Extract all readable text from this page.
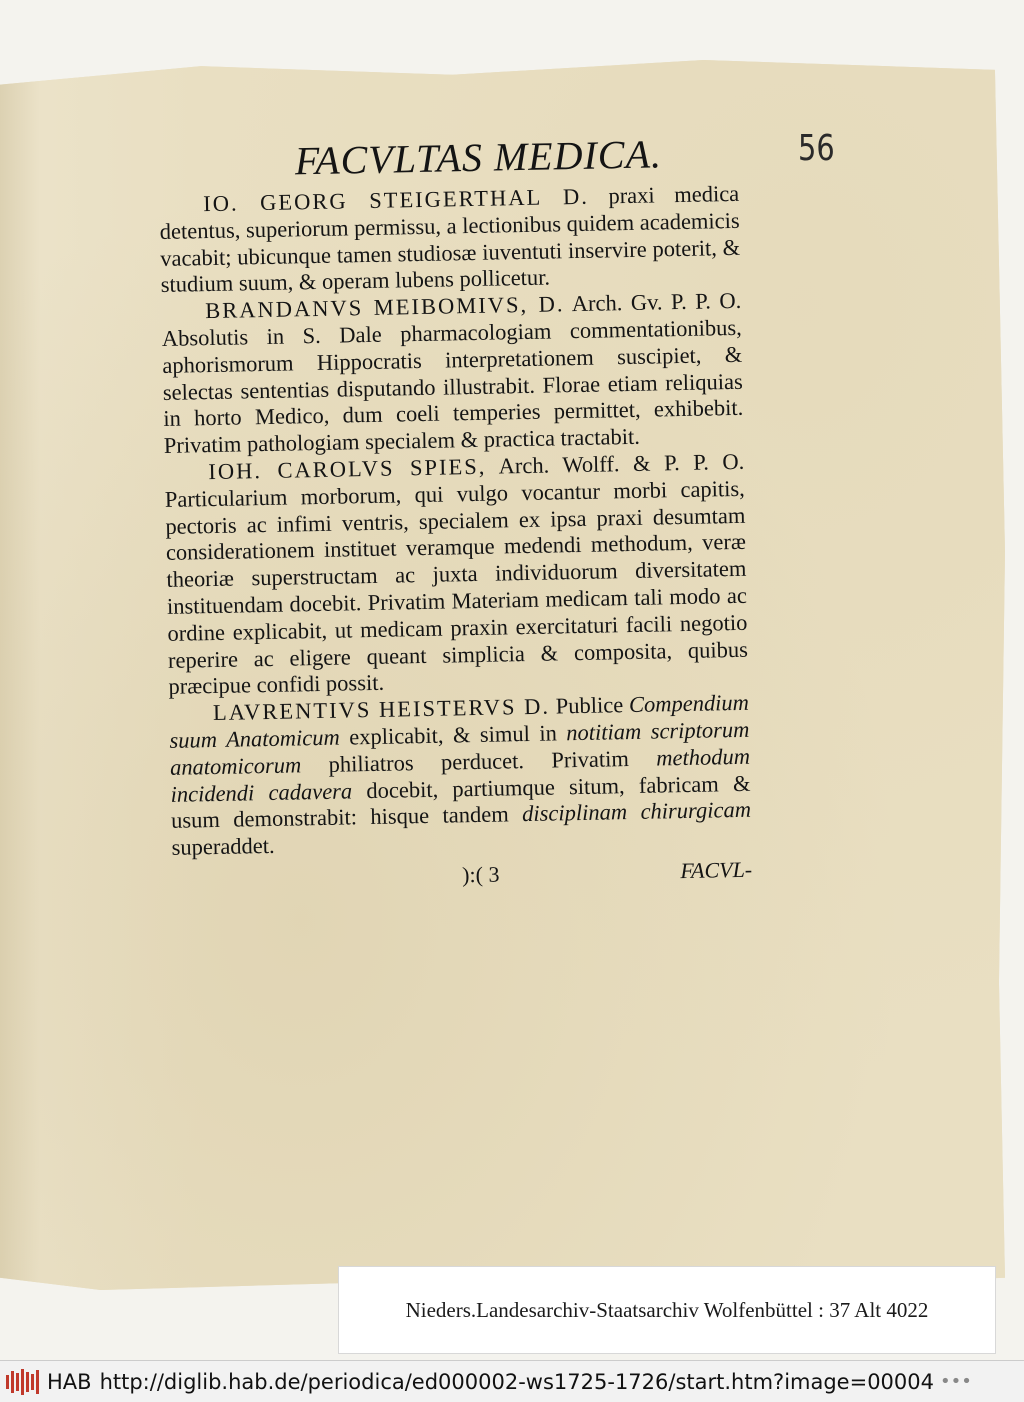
56
FACVLTAS MEDICA.

IO. GEORG STEIGERTHAL D. praxi medica detentus, superiorum permissu, a lectionibus quidem academicis vacabit; ubicunque tamen studiosæ iuventuti inservire poterit, & studium suum, & operam lubens pollicetur.

BRANDANVS MEIBOMIVS, D. Arch. Gv. P. P. O. Absolutis in S. Dale pharmacologiam commentationibus, aphorismorum Hippocratis interpretationem suscipiet, & selectas sententias disputando illustrabit. Florae etiam reliquias in horto Medico, dum coeli temperies permittet, exhibebit. Privatim pathologiam specialem & practica tractabit.

IOH. CAROLVS SPIES, Arch. Wolff. & P. P. O. Particularium morborum, qui vulgo vocantur morbi capitis, pectoris ac infimi ventris, specialem ex ipsa praxi desumtam considerationem instituet veramque medendi methodum, veræ theoriæ superstructam ac juxta individuorum diversitatem instituendam docebit. Privatim Materiam medicam tali modo ac ordine explicabit, ut medicam praxin exercitaturi facili negotio reperire ac eligere queant simplicia & composita, quibus præcipue confidi possit.

LAVRENTIVS HEISTERVS D. Publice Compendium suum Anatomicum explicabit, & simul in notitiam scriptorum anatomicorum philiatros perducet. Privatim methodum incidendi cadavera docebit, partiumque situm, fabricam & usum demonstrabit: hisque tandem disciplinam chirurgicam superaddet.

):( 3	FACVL-
Nieders.Landesarchiv-Staatsarchiv Wolfenbüttel : 37 Alt 4022
HAB http://diglib.hab.de/periodica/ed000002-ws1725-1726/start.htm?image=00004 •••
